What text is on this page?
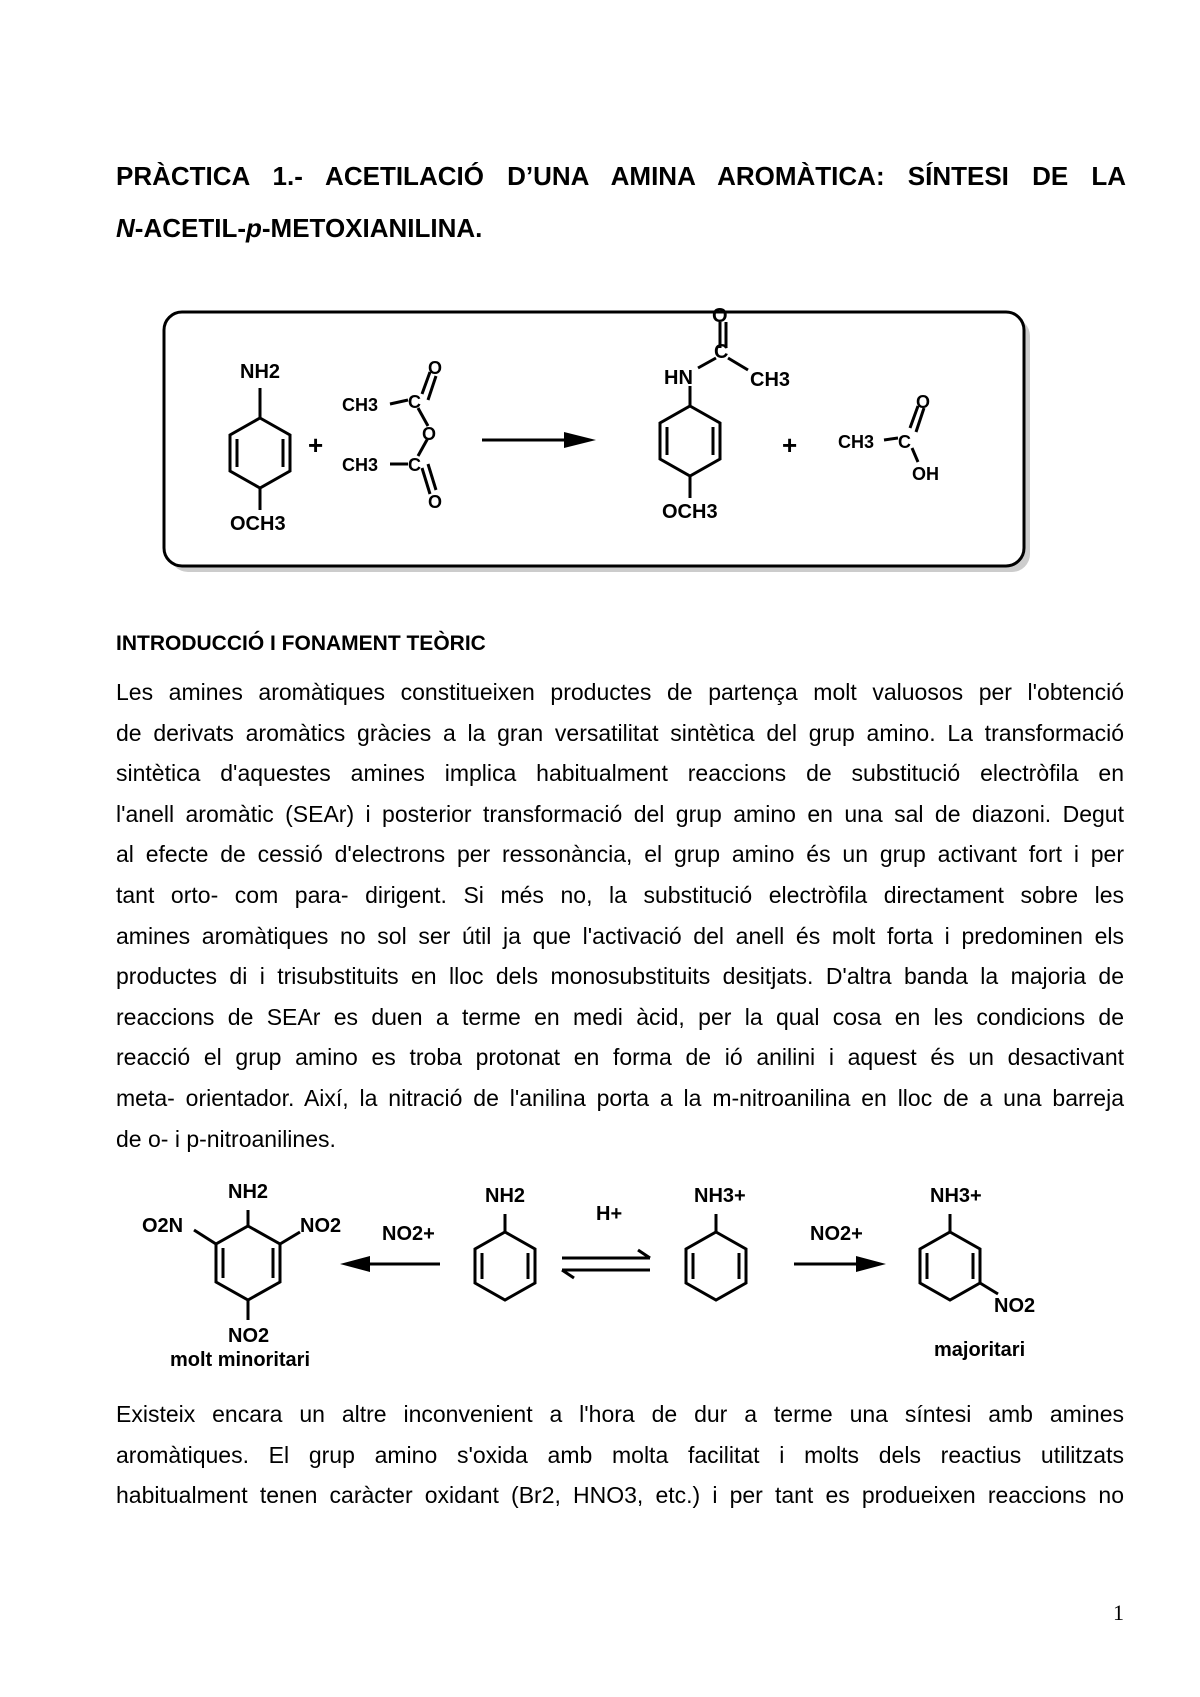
PRÀCTICA 1.- ACETILACIÓ D’UNA AMINA AROMÀTICA: SÍNTESI DE LA
N-ACETIL-p-METOXIANILINA.
NH2
OCH3
+
CH3 C
O
O
CH3 C
O
HN
C
O
CH3
OCH3
+ CH3 C
O
OH
INTRODUCCIÓ I FONAMENT TEÒRIC
Les amines aromàtiques constitueixen productes de partença molt valuosos per l'obtenció
de derivats aromàtics gràcies a la gran versatilitat sintètica del grup amino. La transformació
sintètica d'aquestes amines implica habitualment reaccions de substitució electròfila en
l'anell aromàtic (SEAr) i posterior transformació del grup amino en una sal de diazoni. Degut
al efecte de cessió d'electrons per ressonància, el grup amino és un grup activant fort i per
tant orto- com para- dirigent. Si més no, la substitució electròfila directament sobre les
amines aromàtiques no sol ser útil ja que l'activació del anell és molt forta i predominen els
productes di i trisubstituits en lloc dels monosubstituits desitjats. D'altra banda la majoria de
reaccions de SEAr es duen a terme en medi àcid, per la qual cosa en les condicions de
reacció el grup amino es troba protonat en forma de ió anilini i aquest és un desactivant
meta- orientador. Així, la nitració de l'anilina porta a la m-nitroanilina en lloc de a una barreja
de o- i p-nitroanilines.
NH2
O2N	NO2
NO2
molt minoritari
NO2+
NH2
H+
NH3+
NO2+
NH3+
NO2
majoritari
Existeix encara un altre inconvenient a l'hora de dur a terme una síntesi amb amines
aromàtiques. El grup amino s'oxida amb molta facilitat i molts dels reactius utilitzats
habitualment tenen caràcter oxidant (Br2, HNO3, etc.) i per tant es produeixen reaccions no
1
